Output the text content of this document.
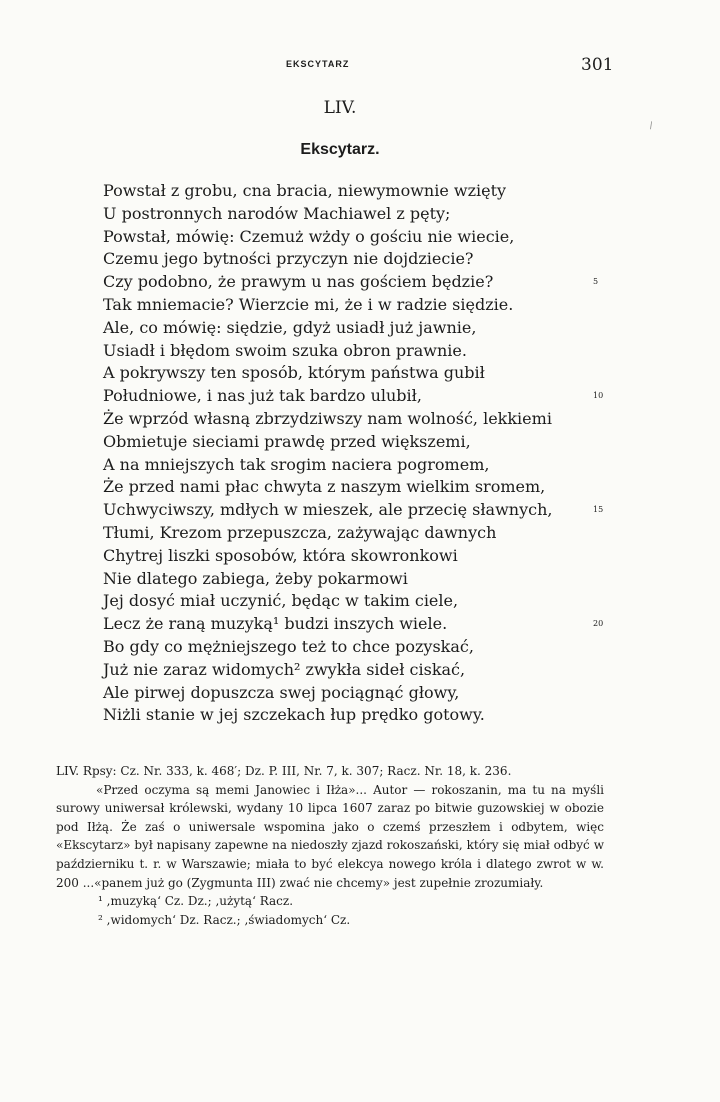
EKSCYTARZ	301
⁄
LIV.
Ekscytarz.
Powstał z grobu, cna bracia, niewymownie wzięty
U postronnych narodów Machiawel z pęty;
Powstał, mówię: Czemuż wżdy o gościu nie wiecie,
Czemu jego bytności przyczyn nie dojdziecie?
Czy podobno, że prawym u nas gościem będzie?	5
Tak mniemacie? Wierzcie mi, że i w radzie siędzie.
Ale, co mówię: siędzie, gdyż usiadł już jawnie,
Usiadł i błędom swoim szuka obron prawnie.
A pokrywszy ten sposób, którym państwa gubił
Południowe, i nas już tak bardzo ulubił,	10
Że wprzód własną zbrzydziwszy nam wolność, lekkiemi
Obmietuje sieciami prawdę przed większemi,
A na mniejszych tak srogim naciera pogromem,
Że przed nami płac chwyta z naszym wielkim sromem,
Uchwyciwszy, mdłych w mieszek, ale przecię sławnych,	15
Tłumi, Krezom przepuszcza, zażywając dawnych
Chytrej liszki sposobów, która skowronkowi
Nie dlatego zabiega, żeby pokarmowi
Jej dosyć miał uczynić, będąc w takim ciele,
Lecz że raną muzyką¹ budzi inszych wiele.	20
Bo gdy co mężniejszego też to chce pozyskać,
Już nie zaraz widomych² zwykła sideł ciskać,
Ale pirwej dopuszcza swej pociągnąć głowy,
Niżli stanie w jej szczekach łup prędko gotowy.

LIV. Rpsy: Cz. Nr. 333, k. 468′; Dz. P. III, Nr. 7, k. 307; Racz. Nr. 18, k. 236.

«Przed oczyma są memi Janowiec i Iłża»... Autor — rokoszanin, ma tu na myśli surowy uniwersał królewski, wydany 10 lipca 1607 zaraz po bitwie guzowskiej w obozie pod Iłżą. Że zaś o uniwersale wspomina jako o czemś przeszłem i odbytem, więc «Ekscytarz» był napisany zapewne na niedoszły zjazd rokoszański, który się miał odbyć w październiku t. r. w Warszawie; miała to być elekcya nowego króla i dlatego zwrot w w. 200 ...«panem już go (Zygmunta III) zwać nie chcemy» jest zupełnie zrozumiały.

¹ ,muzyką‘ Cz. Dz.; ,użytą‘ Racz.

² ,widomych‘ Dz. Racz.; ,świadomych‘ Cz.
